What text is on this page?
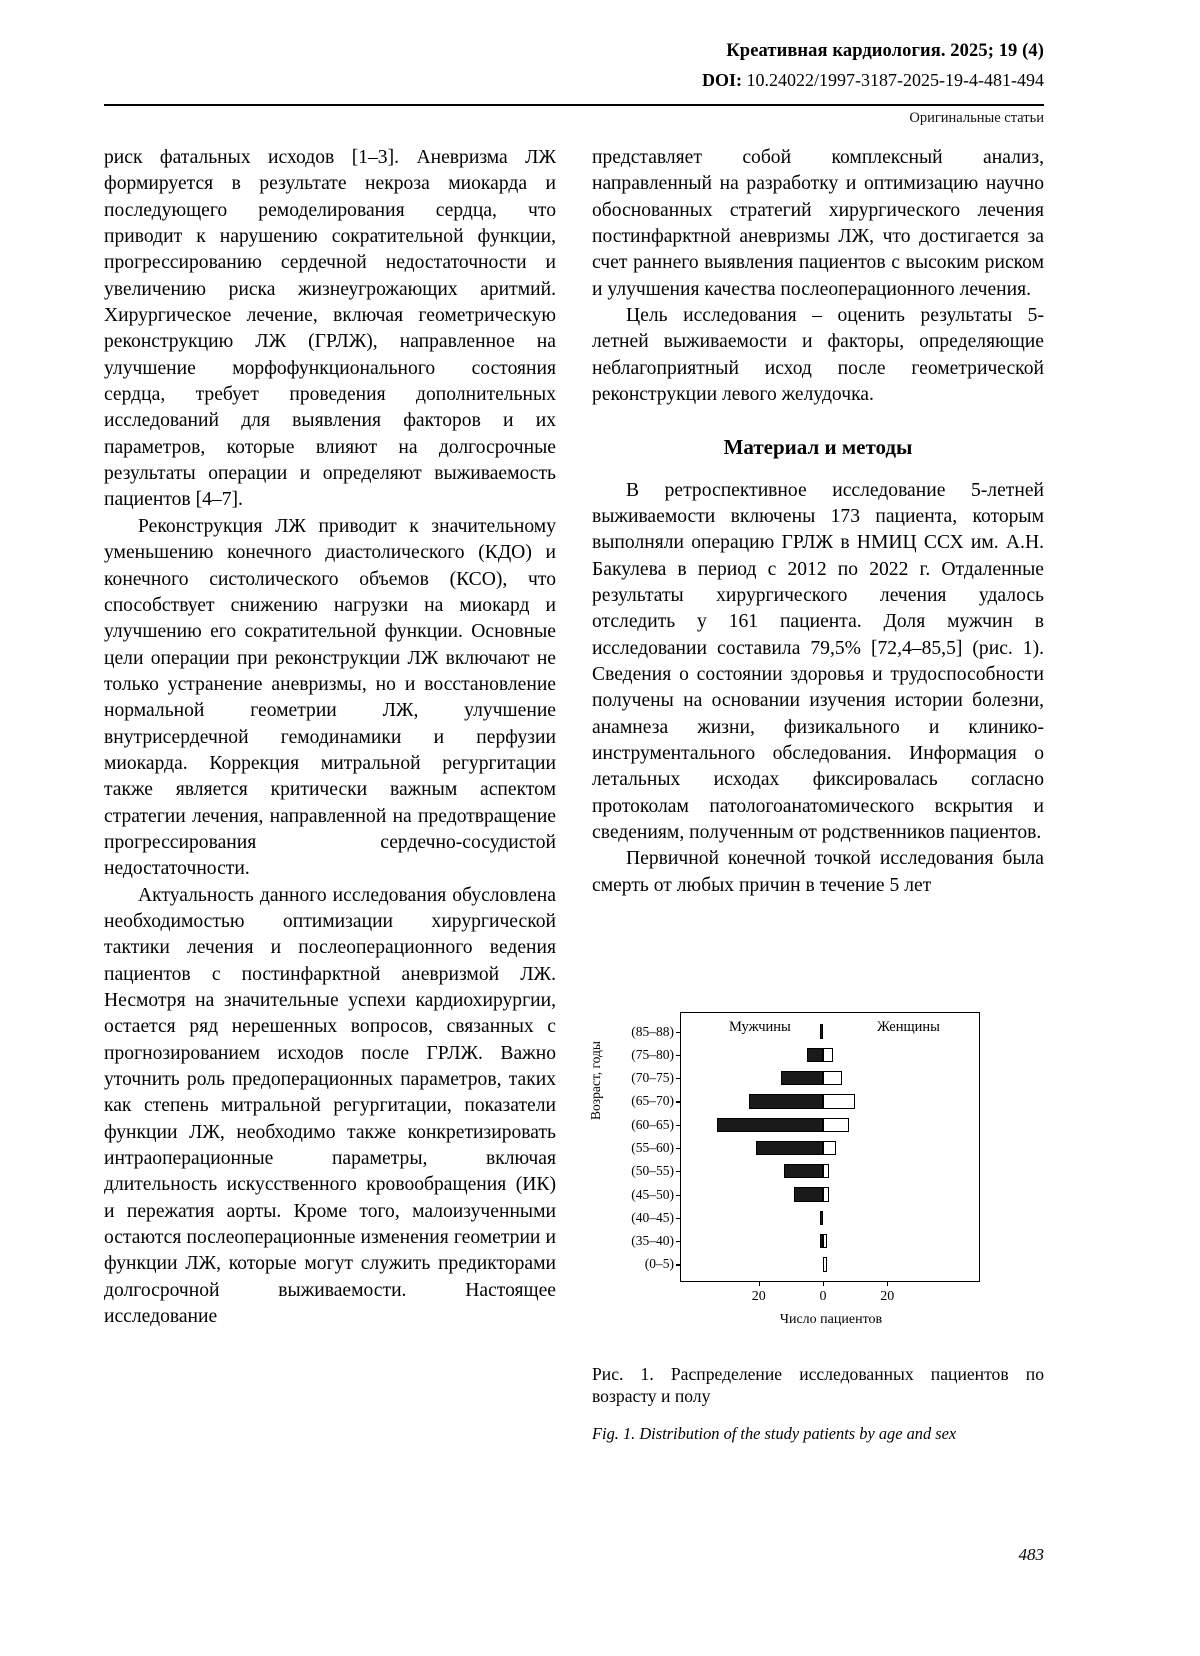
Креативная кардиология. 2025; 19 (4)
DOI: 10.24022/1997-3187-2025-19-4-481-494
Оригинальные статьи

риск фатальных исходов [1–3]. Аневризма ЛЖ формируется в результате некроза миокарда и последующего ремоделирования сердца, что приводит к нарушению сократительной функции, прогрессированию сердечной недостаточности и увеличению риска жизнеугрожающих аритмий. Хирургическое лечение, включая геометрическую реконструкцию ЛЖ (ГРЛЖ), направленное на улучшение морфофункционального состояния сердца, требует проведения дополнительных исследований для выявления факторов и их параметров, которые влияют на долгосрочные результаты операции и определяют выживаемость пациентов [4–7].

Реконструкция ЛЖ приводит к значительному уменьшению конечного диастолического (КДО) и конечного систолического объемов (КСО), что способствует снижению нагрузки на миокард и улучшению его сократительной функции. Основные цели операции при реконструкции ЛЖ включают не только устранение аневризмы, но и восстановление нормальной геометрии ЛЖ, улучшение внутрисердечной гемодинамики и перфузии миокарда. Коррекция митральной регургитации также является критически важным аспектом стратегии лечения, направленной на предотвращение прогрессирования сердечно-сосудистой недостаточности.

Актуальность данного исследования обусловлена необходимостью оптимизации хирургической тактики лечения и послеоперационного ведения пациентов с постинфарктной аневризмой ЛЖ. Несмотря на значительные успехи кардиохирургии, остается ряд нерешенных вопросов, связанных с прогнозированием исходов после ГРЛЖ. Важно уточнить роль предоперационных параметров, таких как степень митральной регургитации, показатели функции ЛЖ, необходимо также конкретизировать интраоперационные параметры, включая длительность искусственного кровообращения (ИК) и пережатия аорты. Кроме того, малоизученными остаются послеоперационные изменения геометрии и функции ЛЖ, которые могут служить предикторами долгосрочной выживаемости. Настоящее исследование

представляет собой комплексный анализ, направленный на разработку и оптимизацию научно обоснованных стратегий хирургического лечения постинфарктной аневризмы ЛЖ, что достигается за счет раннего выявления пациентов с высоким риском и улучшения качества послеоперационного лечения.

Цель исследования – оценить результаты 5-летней выживаемости и факторы, определяющие неблагоприятный исход после геометрической реконструкции левого желудочка.

Материал и методы

В ретроспективное исследование 5-летней выживаемости включены 173 пациента, которым выполняли операцию ГРЛЖ в НМИЦ ССХ им. А.Н. Бакулева в период с 2012 по 2022 г. Отдаленные результаты хирургического лечения удалось отследить у 161 пациента. Доля мужчин в исследовании составила 79,5% [72,4–85,5] (рис. 1). Сведения о состоянии здоровья и трудоспособности получены на основании изучения истории болезни, анамнеза жизни, физикального и клинико-инструментального обследования. Информация о летальных исходах фиксировалась согласно протоколам патологоанатомического вскрытия и сведениям, полученным от родственников пациентов.

Первичной конечной точкой исследования была смерть от любых причин в течение 5 лет

Возраст, годы
Мужчины	Женщины
Число пациентов
(85–88)
(75–80)
(70–75)
(65–70)
(60–65)
(55–60)
(50–55)
(45–50)
(40–45)
(35–40)
(0–5)
20	0	20
Рис. 1. Распределение исследованных пациентов по возрасту и полу
Fig. 1. Distribution of the study patients by age and sex
483
